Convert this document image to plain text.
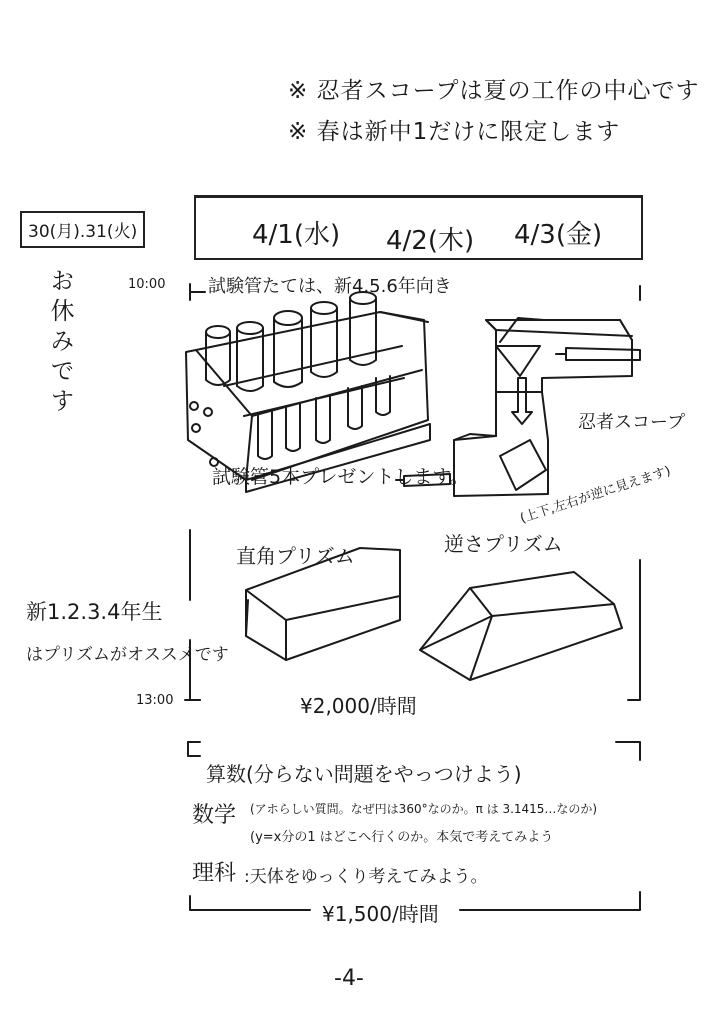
※ 忍者スコープは夏の工作の中心です
※ 春は新中1だけに限定します
30(月).31(火)
お休みです
4/1(水) 4/2(木) 4/3(金)
10:00 試験管たては、新4.5.6年向き
忍者スコープ
試験管5本プレゼントします。
直角プリズム	逆さプリズム
(上下,左右が逆に見えます)
新1.2.3.4年生
はプリズムがオススメです
13:00	¥2,000/時間
算数(分らない問題をやっつけよう)
数学 (アホらしい質問。なぜ円は360°なのか。π は 3.1415…なのか)
(y=x分の1 はどこへ行くのか。本気で考えてみよう
理科 :天体をゆっくり考えてみよう。
¥1,500/時間
-4-
